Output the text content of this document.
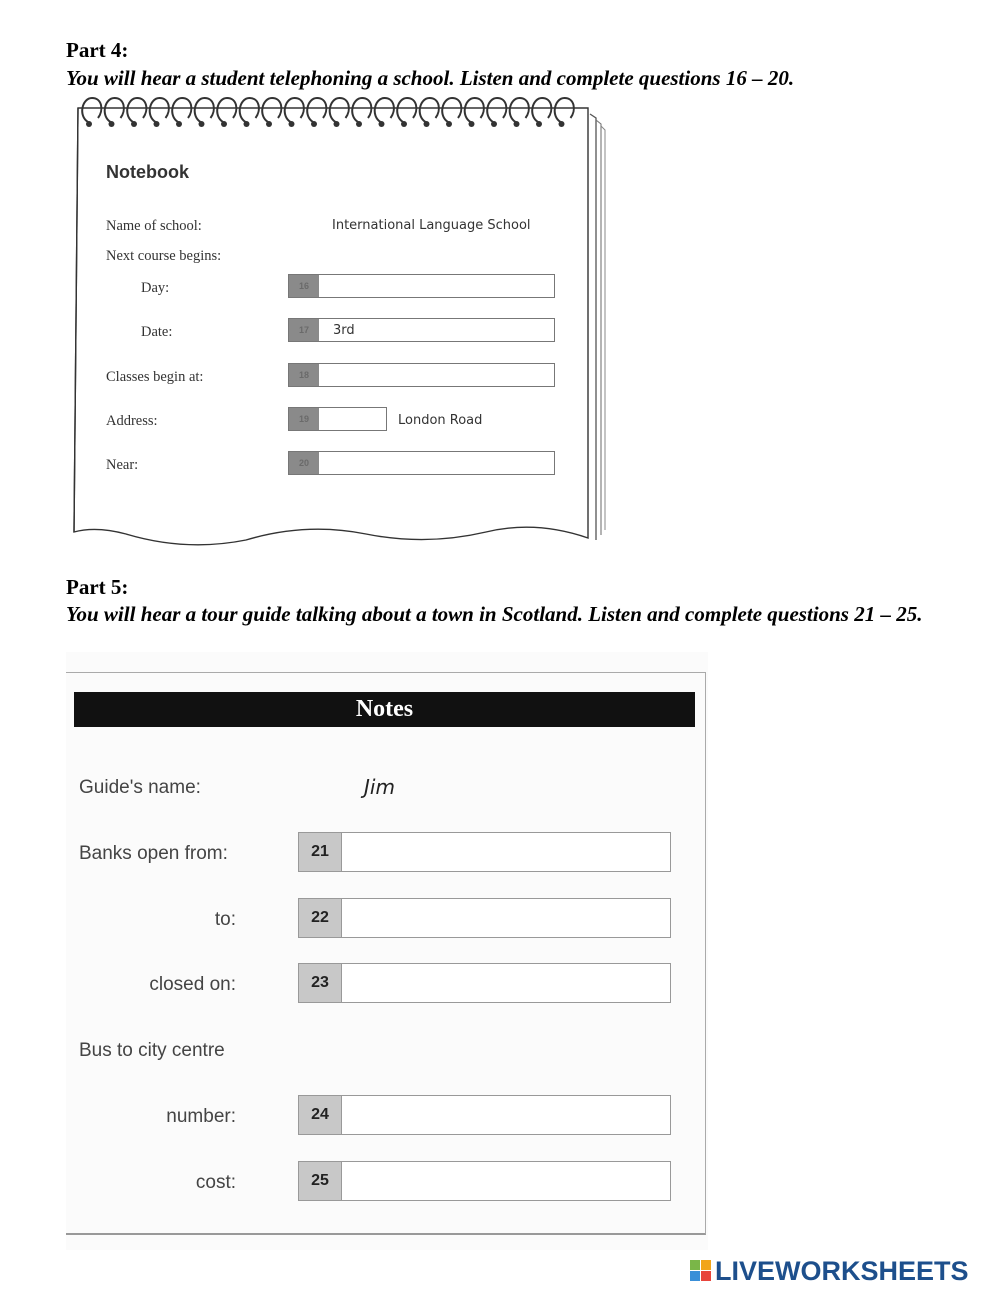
Part 4:
You will hear a student telephoning a school. Listen and complete questions 16 – 20.
Notebook
Name of school:	International Language School
Next course begins:
Day:	16
Date:	17	3rd
Classes begin at:	18
Address:	19	London Road
Near:	20
Part 5:
You will hear a tour guide talking about a town in Scotland. Listen and complete questions 21 – 25.
Notes
Guide's name:	Jim
Banks open from:	21
to:	22
closed on:	23
Bus to city centre
number:	24
cost:	25
LIVEWORKSHEETS
